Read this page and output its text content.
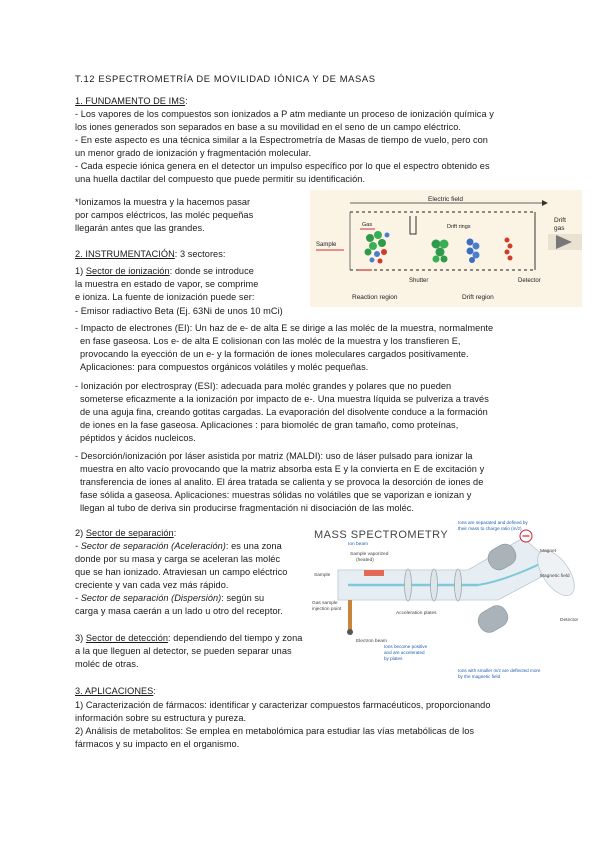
T.12 ESPECTROMETRÍA DE MOVILIDAD IÓNICA Y DE MASAS
1. FUNDAMENTO DE IMS:
- Los vapores de los compuestos son ionizados a P atm mediante un proceso de ionización química y
los iones generados son separados en base a su movilidad en el seno de un campo eléctrico.
- En este aspecto es una técnica similar a la Espectrometría de Masas de tiempo de vuelo, pero con
un menor grado de ionización y fragmentación molecular.
- Cada especie iónica genera en el detector un impulso específico por lo que el espectro obtenido es
una huella dactilar del compuesto que puede permitir su identificación.
*Ionizamos la muestra y la hacemos pasar
por campos eléctricos, las moléc pequeñas
llegarán antes que las grandes.
Electric field
Drift
gas
Sample
Gas	Drift rings
Shutter	Detector
Reaction region	Drift region
2. INSTRUMENTACIÓN: 3 sectores:
1) Sector de ionización: donde se introduce
la muestra en estado de vapor, se comprime
e ioniza. La fuente de ionización puede ser:
- Emisor radiactivo Beta (Ej. 63Ni de unos 10 mCi)
- Impacto de electrones (EI): Un haz de e- de alta E se dirige a las moléc de la muestra, normalmente
en fase gaseosa. Los e- de alta E colisionan con las moléc de la muestra y los transfieren E,
provocando la eyección de un e- y la formación de iones moleculares cargados positivamente.
Aplicaciones: para compuestos orgánicos volátiles y moléc pequeñas.
- Ionización por electrospray (ESI): adecuada para moléc grandes y polares que no pueden
someterse eficazmente a la ionización por impacto de e-. Una muestra líquida se pulveriza a través
de una aguja fina, creando gotitas cargadas. La evaporación del disolvente conduce a la formación
de iones en la fase gaseosa. Aplicaciones : para biomoléc de gran tamaño, como proteínas,
péptidos y ácidos nucleicos.
- Desorción/ionización por láser asistida por matriz (MALDI): uso de láser pulsado para ionizar la
muestra en alto vacío provocando que la matriz absorba esta E y la convierta en E de excitación y
transferencia de iones al analito. El área tratada se calienta y se provoca la desorción de iones de
fase sólida a gaseosa. Aplicaciones: muestras sólidas no volátiles que se vaporizan e ionizan y
llegan al tubo de deriva sin producirse fragmentación ni disociación de las moléc.
2) Sector de separación:
- Sector de separación (Aceleración): es una zona
donde por su masa y carga se aceleran las moléc
que se han ionizado. Atraviesan un campo eléctrico
creciente y van cada vez más rápido.
- Sector de separación (Dispersión): según su
carga y masa caerán a un lado u otro del receptor.
3) Sector de detección: dependiendo del tiempo y zona
a la que lleguen al detector, se pueden separar unas
moléc de otras.
MASS SPECTROMETRY
Ions are separated and defined by
their mass to charge ratio (m/z)
Ion beam
Sample vaporized
(heated)
Sample
Gas sample
injection point
Electron beam
Acceleration plates
Magnet
Magnetic field
Detector
Ions become positive
and are accelerated
by plates
Ions with smaller m/z are deflected more
by the magnetic field
3. APLICACIONES:
1) Caracterización de fármacos: identificar y caracterizar compuestos farmacéuticos, proporcionando
información sobre su estructura y pureza.
2) Análisis de metabolitos: Se emplea en metabolómica para estudiar las vías metabólicas de los
fármacos y su impacto en el organismo.
